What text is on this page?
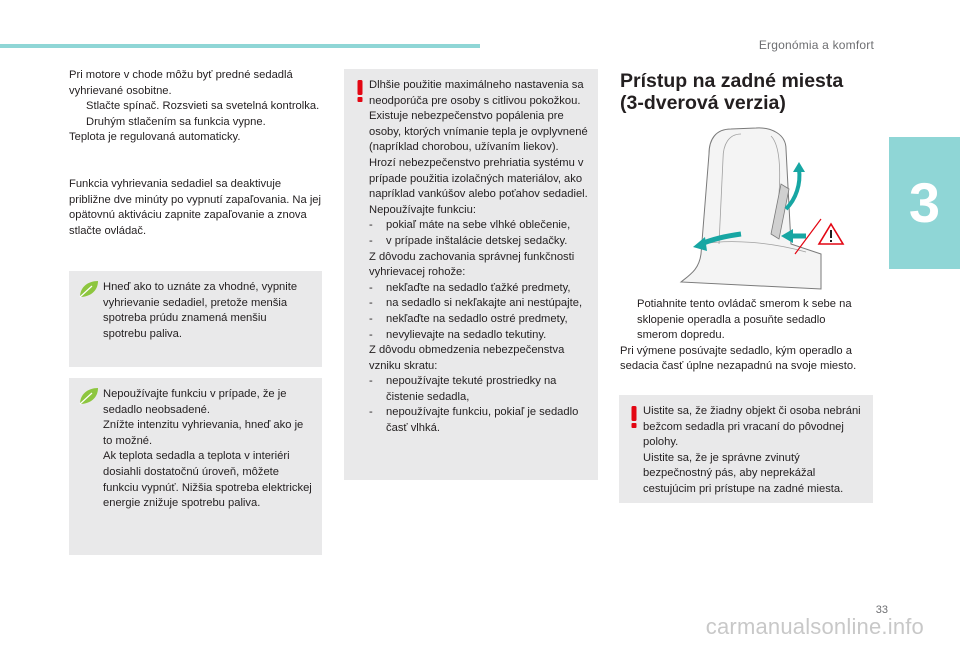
Ergonómia a komfort
3

Pri motore v chode môžu byť predné sedadlá vyhrievané osobitne.

Stlačte spínač. Rozsvieti sa svetelná kontrolka.
Druhým stlačením sa funkcia vypne.

Teplota je regulovaná automaticky.

Funkcia vyhrievania sedadiel sa deaktivuje približne dve minúty po vypnutí zapaľovania. Na jej opätovnú aktiváciu zapnite zapaľovanie a znova stlačte ovládač.
Hneď ako to uznáte za vhodné, vypnite vyhrievanie sedadiel, pretože menšia spotreba prúdu znamená menšiu spotrebu paliva.

Nepoužívajte funkciu v prípade, že je sedadlo neobsadené.

Znížte intenzitu vyhrievania, hneď ako je to možné.

Ak teplota sedadla a teplota v interiéri dosiahli dostatočnú úroveň, môžete funkciu vypnúť. Nižšia spotreba elektrickej energie znižuje spotrebu paliva.

Dlhšie použitie maximálneho nastavenia sa neodporúča pre osoby s citlivou pokožkou.

Existuje nebezpečenstvo popálenia pre osoby, ktorých vnímanie tepla je ovplyvnené (napríklad chorobou, užívaním liekov).

Hrozí nebezpečenstvo prehriatia systému v prípade použitia izolačných materiálov, ako napríklad vankúšov alebo poťahov sedadiel.

Nepoužívajte funkciu:

-	pokiaľ máte na sebe vlhké oblečenie,
-	v prípade inštalácie detskej sedačky.

Z dôvodu zachovania správnej funkčnosti vyhrievacej rohože:

-	nekľaďte na sedadlo ťažké predmety,
-	na sedadlo si nekľakajte ani nestúpajte,
-	nekľaďte na sedadlo ostré predmety,
-	nevylievajte na sedadlo tekutiny.

Z dôvodu obmedzenia nebezpečenstva vzniku skratu:

-	nepoužívajte tekuté prostriedky na čistenie sedadla,
-	nepoužívajte funkciu, pokiaľ je sedadlo časť vlhká.
Prístup na zadné miesta (3-dverová verzia)
Potiahnite tento ovládač smerom k sebe na sklopenie operadla a posuňte sedadlo smerom dopredu.

Pri výmene posúvajte sedadlo, kým operadlo a sedacia časť úplne nezapadnú na svoje miesto.

Uistite sa, že žiadny objekt či osoba nebráni bežcom sedadla pri vracaní do pôvodnej polohy.

Uistite sa, že je správne zvinutý bezpečnostný pás, aby neprekážal cestujúcim pri prístupe na zadné miesta.

33
carmanualsonline.info
